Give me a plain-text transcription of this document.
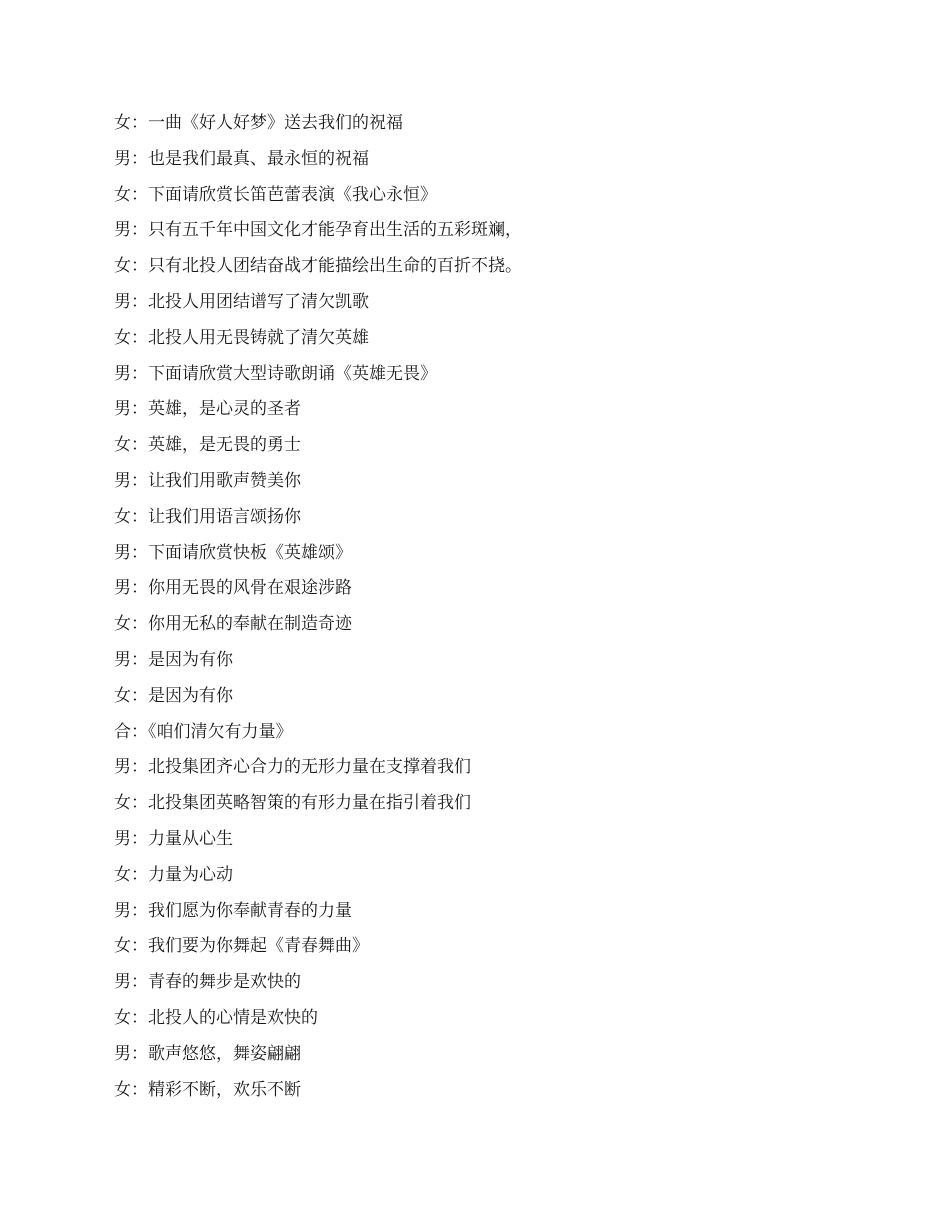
女：一曲《好人好梦》送去我们的祝福
男：也是我们最真、最永恒的祝福
女：下面请欣赏长笛芭蕾表演《我心永恒》
男：只有五千年中国文化才能孕育出生活的五彩斑斓，
女：只有北投人团结奋战才能描绘出生命的百折不挠。
男：北投人用团结谱写了清欠凯歌
女：北投人用无畏铸就了清欠英雄
男：下面请欣赏大型诗歌朗诵《英雄无畏》
男：英雄，是心灵的圣者
女：英雄，是无畏的勇士
男：让我们用歌声赞美你
女：让我们用语言颂扬你
男：下面请欣赏快板《英雄颂》
男：你用无畏的风骨在艰途涉路
女：你用无私的奉献在制造奇迹
男：是因为有你
女：是因为有你
合：《咱们清欠有力量》
男：北投集团齐心合力的无形力量在支撑着我们
女：北投集团英略智策的有形力量在指引着我们
男：力量从心生
女：力量为心动
男：我们愿为你奉献青春的力量
女：我们要为你舞起《青春舞曲》
男：青春的舞步是欢快的
女：北投人的心情是欢快的
男：歌声悠悠，舞姿翩翩
女：精彩不断，欢乐不断
